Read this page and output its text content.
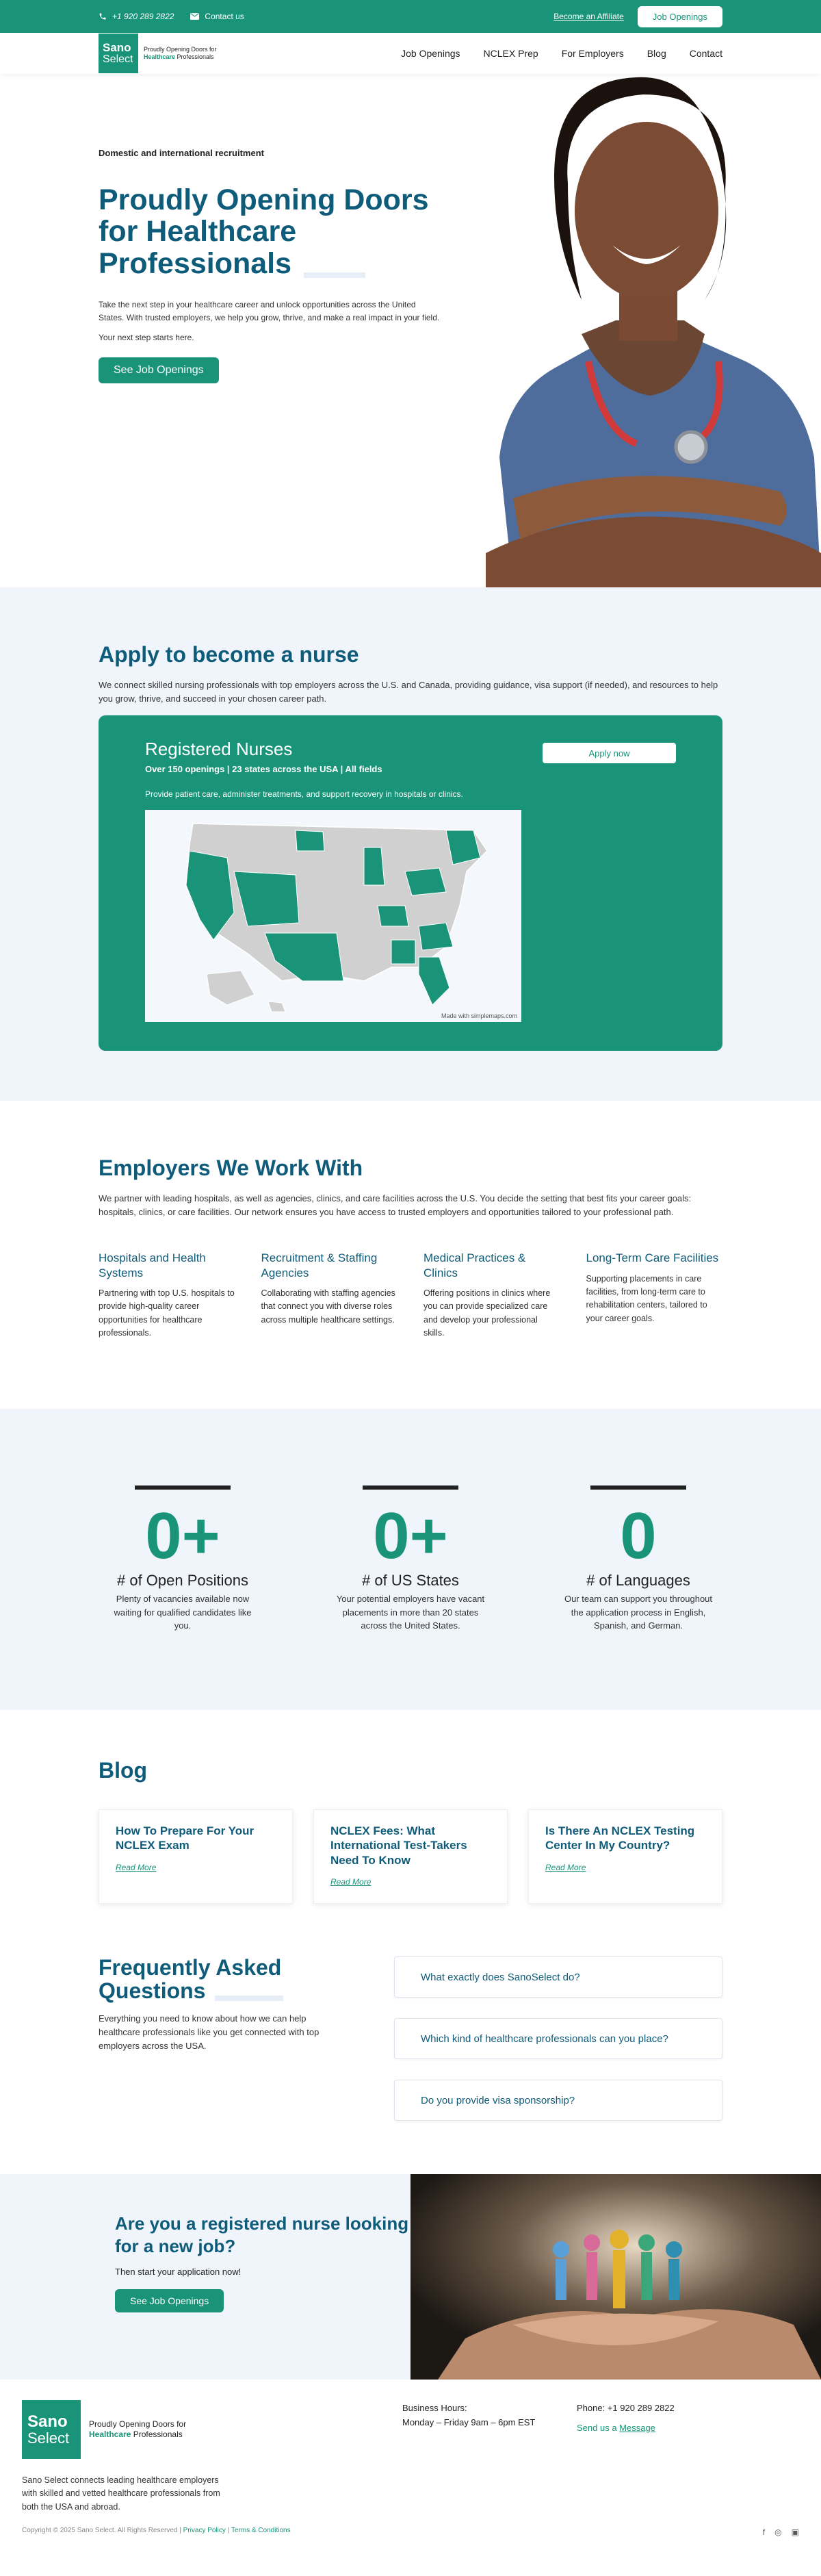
+1 920 289 2822	Contact us	Become an Affiliate	Job Openings
Sano
Select
Proudly Opening Doors for
Healthcare Professionals	Job Openings NCLEX Prep For Employers Blog Contact
Domestic and international recruitment
Proudly Opening Doors for Healthcare Professionals

Take the next step in your healthcare career and unlock opportunities across the United States. With trusted employers, we help you grow, thrive, and make a real impact in your field.

Your next step starts here.

See Job Openings
Apply to become a nurse

We connect skilled nursing professionals with top employers across the U.S. and Canada, providing guidance, visa support (if needed), and resources to help you grow, thrive, and succeed in your chosen career path.

Registered Nurses
Over 150 openings | 23 states across the USA | All fields
Provide patient care, administer treatments, and support recovery in hospitals or clinics.
Apply now
Made with simplemaps.com
Employers We Work With

We partner with leading hospitals, as well as agencies, clinics, and care facilities across the U.S. You decide the setting that best fits your career goals: hospitals, clinics, or care facilities. Our network ensures you have access to trusted employers and opportunities tailored to your professional path.

Hospitals and Health Systems

Partnering with top U.S. hospitals to provide high-quality career opportunities for healthcare professionals.

Recruitment & Staffing Agencies

Collaborating with staffing agencies that connect you with diverse roles across multiple healthcare settings.

Medical Practices & Clinics

Offering positions in clinics where you can provide specialized care and develop your professional skills.

Long-Term Care Facilities

Supporting placements in care facilities, from long-term care to rehabilitation centers, tailored to your career goals.

0+
# of Open Positions
Plenty of vacancies available now waiting for qualified candidates like you.
0+
# of US States
Your potential employers have vacant placements in more than 20 states across the United States.
0
# of Languages
Our team can support you throughout the application process in English, Spanish, and German.
Blog
How To Prepare For Your NCLEX Exam
Read More
NCLEX Fees: What International Test-Takers Need To Know
Read More
Is There An NCLEX Testing Center In My Country?
Read More
Frequently Asked Questions

Everything you need to know about how we can help healthcare professionals like you get connected with top employers across the USA.

What exactly does SanoSelect do?
Which kind of healthcare professionals can you place?
Do you provide visa sponsorship?
Are you a registered nurse looking for a new job?

Then start your application now!

See Job Openings
Sano
Select
Proudly Opening Doors for
Healthcare Professionals

Sano Select connects leading healthcare employers with skilled and vetted healthcare professionals from both the USA and abroad.

Business Hours:
Monday – Friday 9am – 6pm EST
Phone: +1 920 289 2822
Send us a Message
Copyright © 2025 Sano Select. All Rights Reserved | Privacy Policy | Terms & Conditions	f ◎ ▣
